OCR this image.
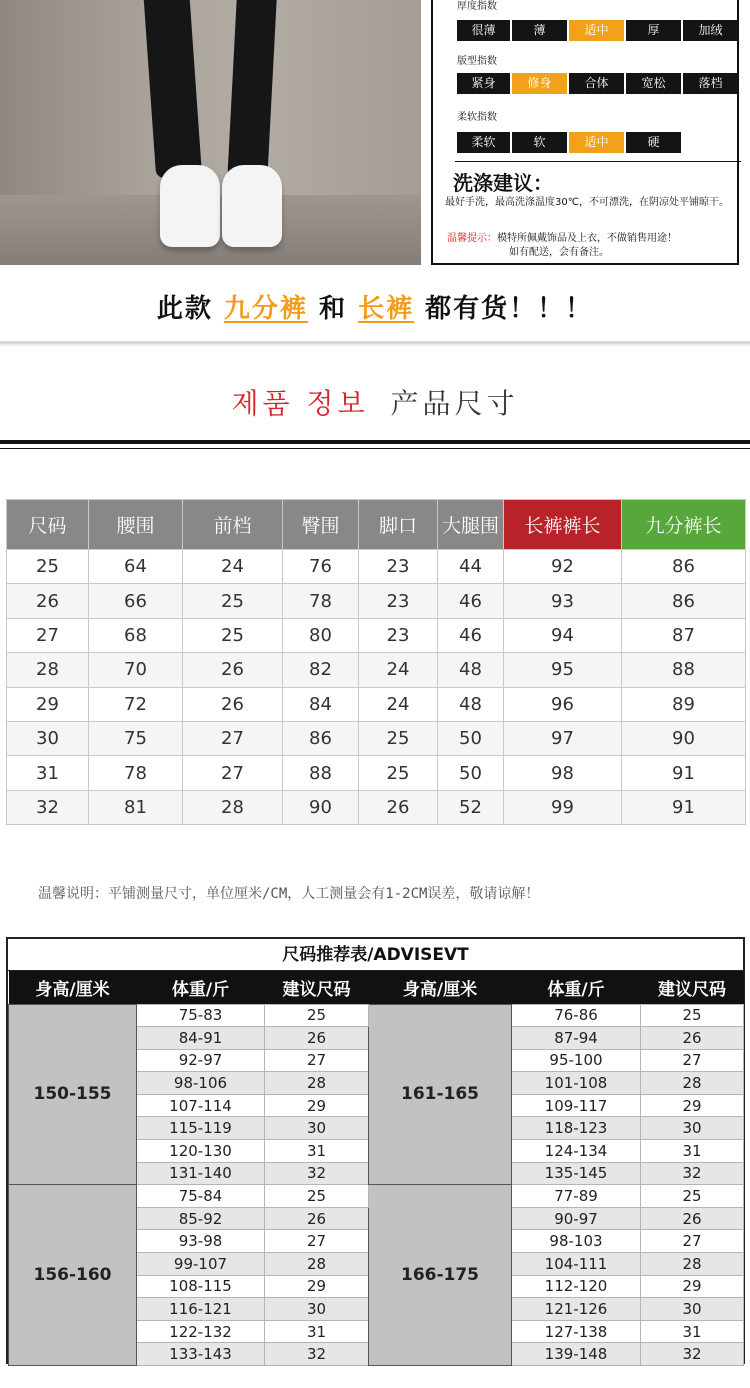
厚度指数
很薄	薄	适中	厚	加绒
版型指数
紧身	修身	合体	宽松	落档
柔软指数
柔软	软	适中	硬
洗涤建议：
最好手洗，最高洗涤温度30℃，不可漂洗，在阴凉处平铺晾干。
温馨提示：模特所佩戴饰品及上衣，不做销售用途！
如有配送，会有备注。
此款 九分裤 和 长裤 都有货！！！
제품 정보 产品尺寸
尺码	腰围	前档	臀围	脚口	大腿围	长裤裤长	九分裤长
25	64	24	76	23	44	92	86
26	66	25	78	23	46	93	86
27	68	25	80	23	46	94	87
28	70	26	82	24	48	95	88
29	72	26	84	24	48	96	89
30	75	27	86	25	50	97	90
31	78	27	88	25	50	98	91
32	81	28	90	26	52	99	91
温馨说明：平铺测量尺寸，单位厘米/CM，人工测量会有1-2CM误差，敬请谅解！
尺码推荐表/ADVISEVT
身高/厘米	体重/斤	建议尺码	身高/厘米	体重/斤	建议尺码
150-155	75-83	25	161-165	76-86	25
	84-91	26		87-94	26
	92-97	27		95-100	27
	98-106	28		101-108	28
	107-114	29		109-117	29
	115-119	30		118-123	30
	120-130	31		124-134	31
	131-140	32		135-145	32
156-160	75-84	25	166-175	77-89	25
	85-92	26		90-97	26
	93-98	27		98-103	27
	99-107	28		104-111	28
	108-115	29		112-120	29
	116-121	30		121-126	30
	122-132	31		127-138	31
	133-143	32		139-148	32
